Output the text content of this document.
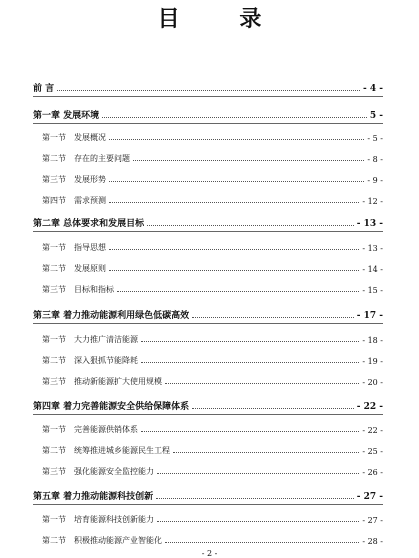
目 录
前 言	- 4 -
第一章 发展环境	5 -
第一节 发展概况	- 5 -
第二节 存在的主要问题	- 8 -
第三节 发展形势	- 9 -
第四节 需求预测	- 12 -
第二章 总体要求和发展目标	- 13 -
第一节 指导思想	- 13 -
第二节 发展原则	- 14 -
第三节 目标和指标	- 15 -
第三章 着力推动能源利用绿色低碳高效	- 17 -
第一节 大力推广清洁能源	- 18 -
第二节 深入狠抓节能降耗	- 19 -
第三节 推动新能源扩大使用规模	- 20 -
第四章 着力完善能源安全供给保障体系	- 22 -
第一节 完善能源供销体系	- 22 -
第二节 统筹推进城乡能源民生工程	- 25 -
第三节 强化能源安全监控能力	- 26 -
第五章 着力推动能源科技创新	- 27 -
第一节 培育能源科技创新能力	- 27 -
第二节 积极推动能源产业智能化	- 28 -
- 2 -
